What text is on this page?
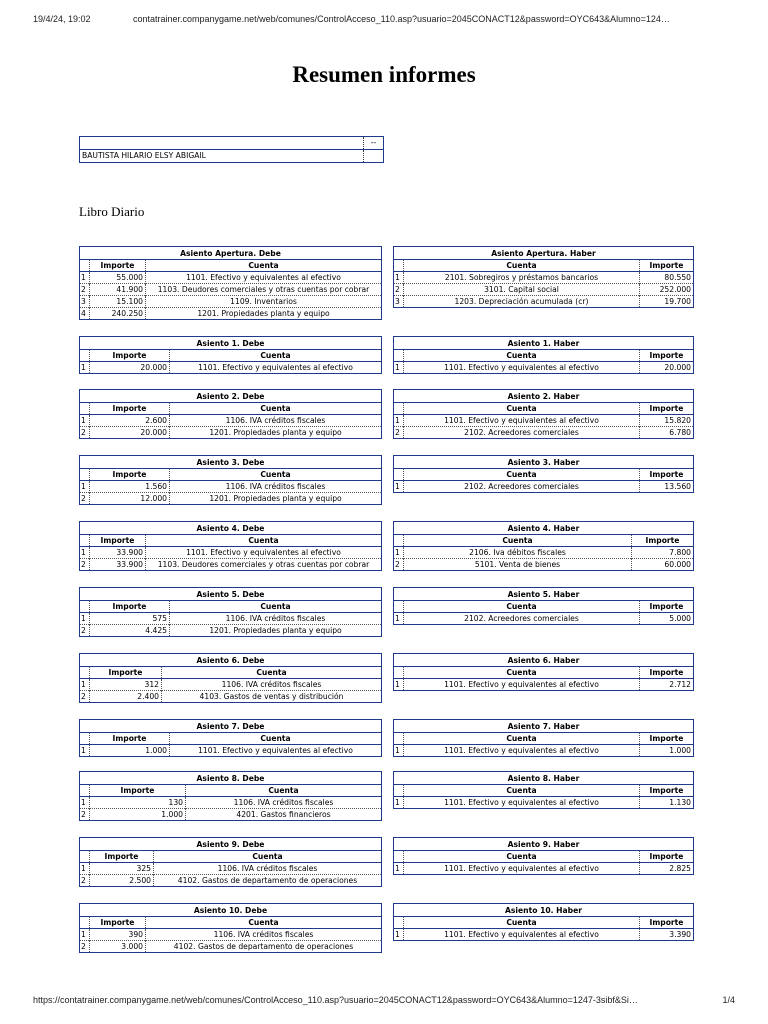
19/4/24, 19:02	contatrainer.companygame.net/web/comunes/ControlAcceso_110.asp?usuario=2045CONACT12&password=OYC643&Alumno=124…
Resumen informes
--
BAUTISTA HILARIO ELSY ABIGAIL
Libro Diario
Asiento Apertura. Debe		
	Importe	Cuenta
1	55.000	1101. Efectivo y equivalentes al efectivo
2	41.900	1103. Deudores comerciales y otras cuentas por cobrar
3	15.100	1109. Inventarios
4	240.250	1201. Propiedades planta y equipo
Asiento Apertura. Haber		
	Cuenta	Importe
1	2101. Sobregiros y préstamos bancarios	80.550
2	3101. Capital social	252.000
3	1203. Depreciación acumulada (cr)	19.700
Asiento 1. Debe		
	Importe	Cuenta
1	20.000	1101. Efectivo y equivalentes al efectivo
Asiento 1. Haber		
	Cuenta	Importe
1	1101. Efectivo y equivalentes al efectivo	20.000
Asiento 2. Debe		
	Importe	Cuenta
1	2.600	1106. IVA créditos fiscales
2	20.000	1201. Propiedades planta y equipo
Asiento 2. Haber		
	Cuenta	Importe
1	1101. Efectivo y equivalentes al efectivo	15.820
2	2102. Acreedores comerciales	6.780
Asiento 3. Debe		
	Importe	Cuenta
1	1.560	1106. IVA créditos fiscales
2	12.000	1201. Propiedades planta y equipo
Asiento 3. Haber		
	Cuenta	Importe
1	2102. Acreedores comerciales	13.560
Asiento 4. Debe		
	Importe	Cuenta
1	33.900	1101. Efectivo y equivalentes al efectivo
2	33.900	1103. Deudores comerciales y otras cuentas por cobrar
Asiento 4. Haber		
	Cuenta	Importe
1	2106. Iva débitos fiscales	7.800
2	5101. Venta de bienes	60.000
Asiento 5. Debe		
	Importe	Cuenta
1	575	1106. IVA créditos fiscales
2	4.425	1201. Propiedades planta y equipo
Asiento 5. Haber		
	Cuenta	Importe
1	2102. Acreedores comerciales	5.000
Asiento 6. Debe		
	Importe	Cuenta
1	312	1106. IVA créditos fiscales
2	2.400	4103. Gastos de ventas y distribución
Asiento 6. Haber		
	Cuenta	Importe
1	1101. Efectivo y equivalentes al efectivo	2.712
Asiento 7. Debe		
	Importe	Cuenta
1	1.000	1101. Efectivo y equivalentes al efectivo
Asiento 7. Haber		
	Cuenta	Importe
1	1101. Efectivo y equivalentes al efectivo	1.000
Asiento 8. Debe		
	Importe	Cuenta
1	130	1106. IVA créditos fiscales
2	1.000	4201. Gastos financieros
Asiento 8. Haber		
	Cuenta	Importe
1	1101. Efectivo y equivalentes al efectivo	1.130
Asiento 9. Debe		
	Importe	Cuenta
1	325	1106. IVA créditos fiscales
2	2.500	4102. Gastos de departamento de operaciones
Asiento 9. Haber		
	Cuenta	Importe
1	1101. Efectivo y equivalentes al efectivo	2.825
Asiento 10. Debe		
	Importe	Cuenta
1	390	1106. IVA créditos fiscales
2	3.000	4102. Gastos de departamento de operaciones
Asiento 10. Haber		
	Cuenta	Importe
1	1101. Efectivo y equivalentes al efectivo	3.390
https://contatrainer.companygame.net/web/comunes/ControlAcceso_110.asp?usuario=2045CONACT12&password=OYC643&Alumno=1247-3sibf&Si…	1/4
